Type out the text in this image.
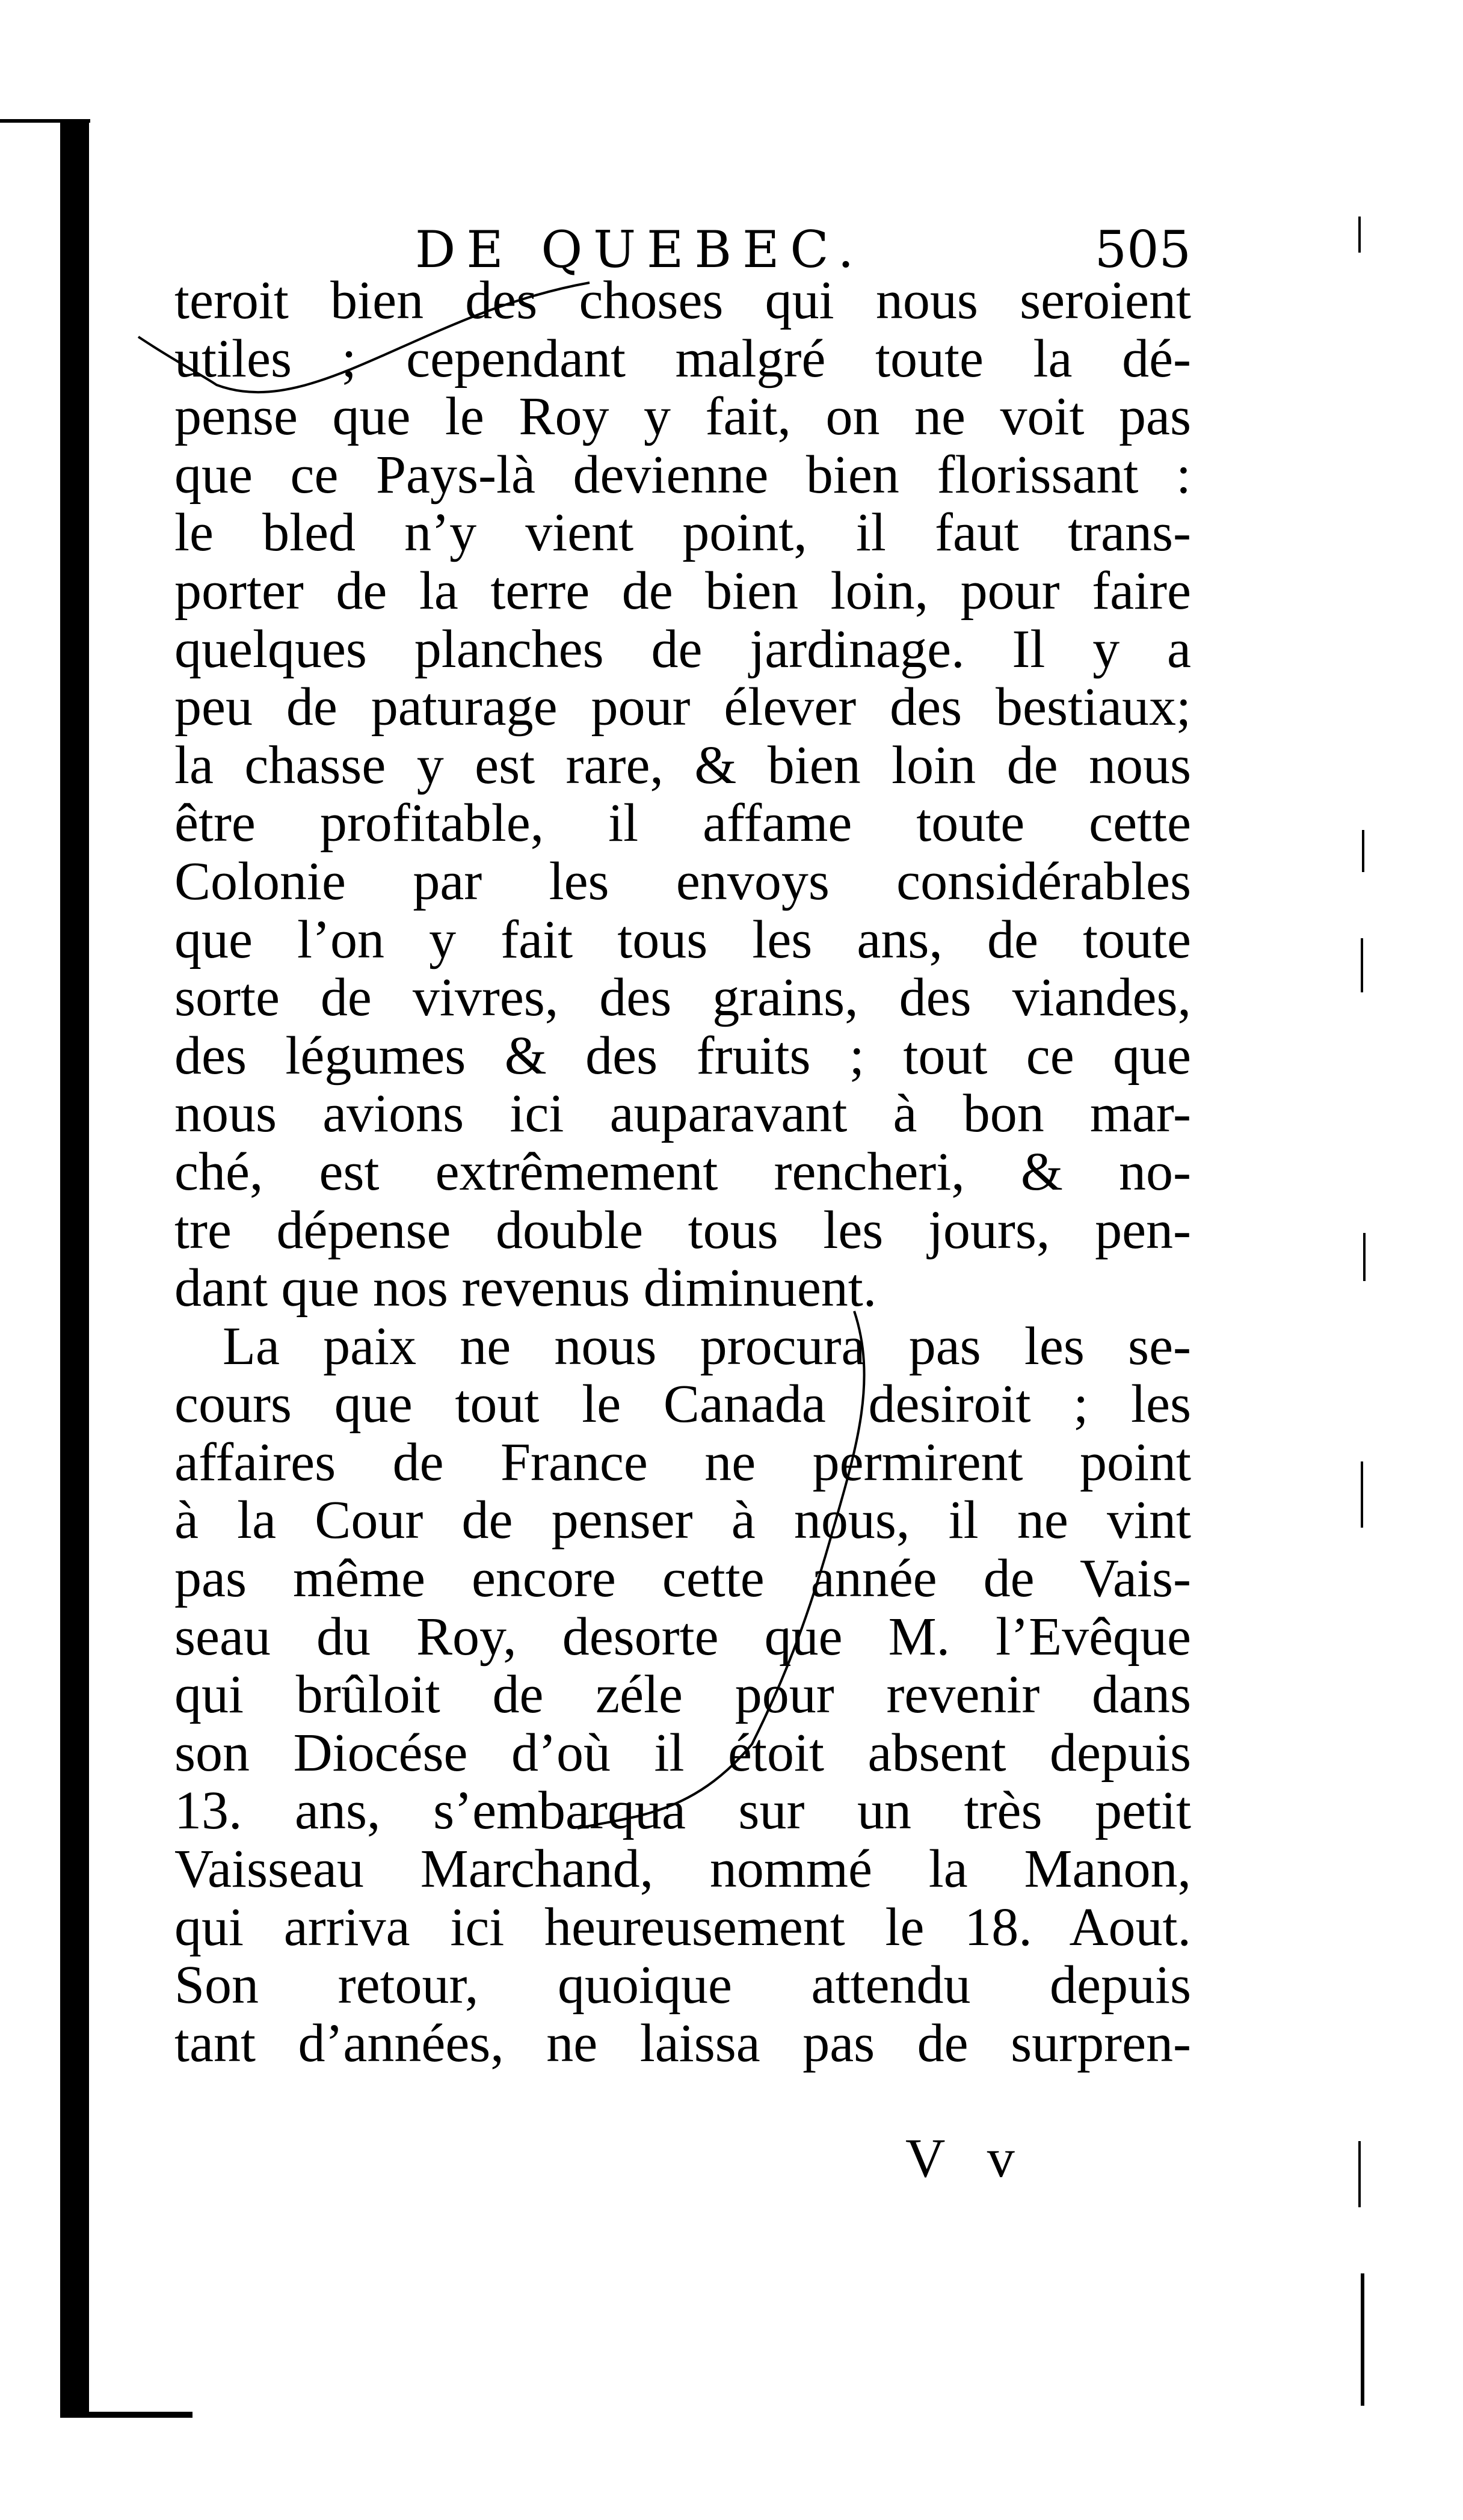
DE QUEBEC.	505
teroit bien des choses qui nous seroient
utiles ; cependant malgré toute la dé-
pense que le Roy y fait, on ne voit pas
que ce Pays-là devienne bien florissant :
le bled n’y vient point, il faut trans-
porter de la terre de bien loin, pour faire
quelques planches de jardinage. Il y a
peu de paturage pour élever des bestiaux;
la chasse y est rare, & bien loin de nous
être profitable, il affame toute cette
Colonie par les envoys considérables
que l’on y fait tous les ans, de toute
sorte de vivres, des grains, des viandes,
des légumes & des fruits ; tout ce que
nous avions ici auparavant à bon mar-
ché, est extrêmement rencheri, & no-
tre dépense double tous les jours, pen-
dant que nos revenus diminuent.
La paix ne nous procura pas les se-
cours que tout le Canada desiroit ; les
affaires de France ne permirent point
à la Cour de penser à nous, il ne vint
pas même encore cette année de Vais-
seau du Roy, desorte que M. l’Evêque
qui brûloit de zéle pour revenir dans
son Diocése d’où il étoit absent depuis
13. ans, s’embarqua sur un très petit
Vaisseau Marchand, nommé la Manon,
qui arriva ici heureusement le 18. Aout.
Son retour, quoique attendu depuis
tant d’années, ne laissa pas de surpren-
V v
